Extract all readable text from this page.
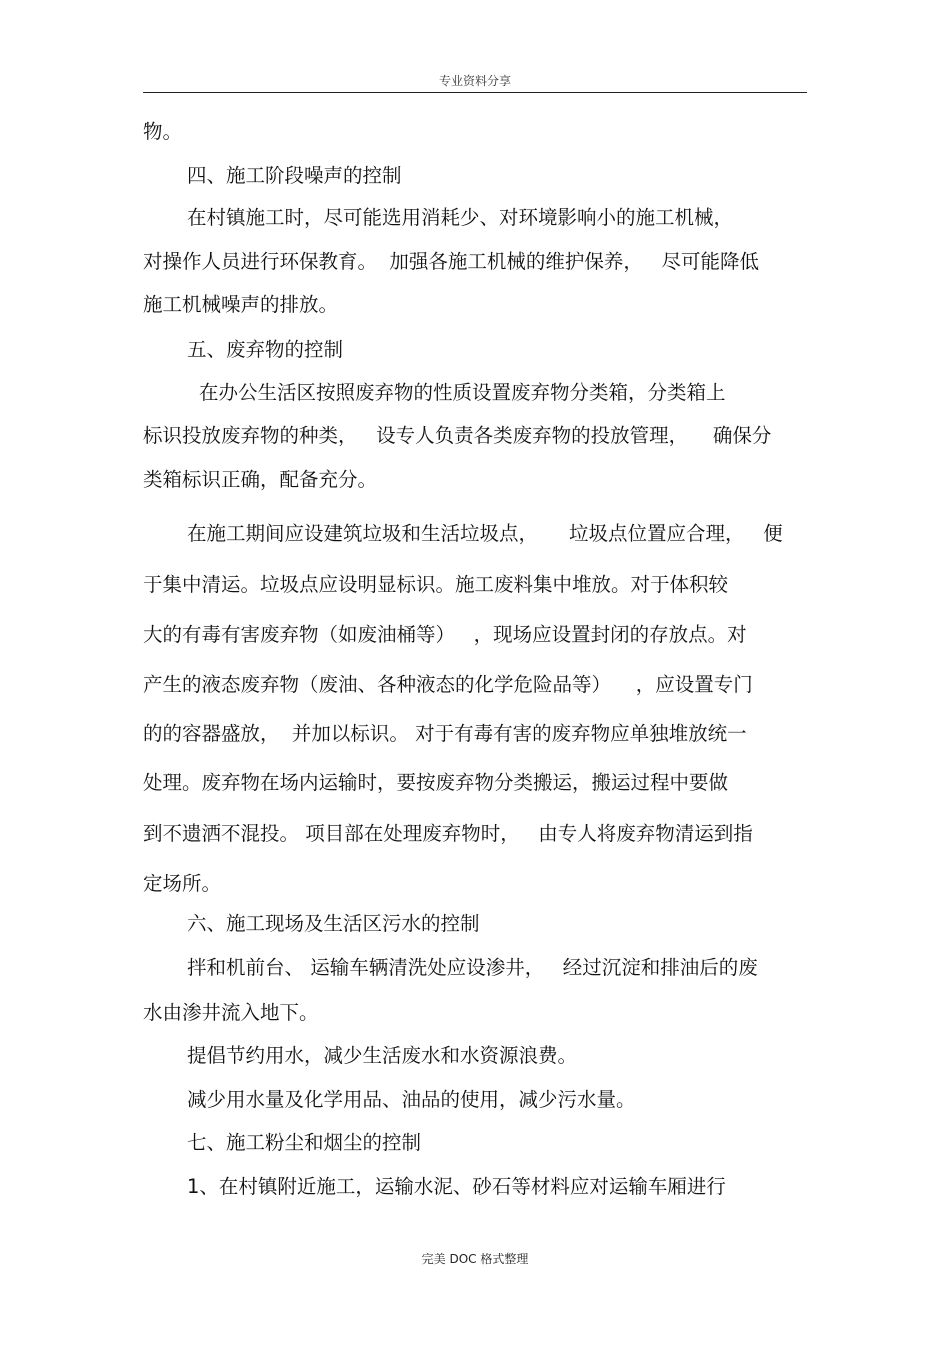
专业资料分享
物。
四、施工阶段噪声的控制
在村镇施工时，尽可能选用消耗少、对环境影响小的施工机械，
对操作人员进行环保教育。  加强各施工机械的维护保养，   尽可能降低
施工机械噪声的排放。
五、废弃物的控制
在办公生活区按照废弃物的性质设置废弃物分类箱，分类箱上
标识投放废弃物的种类，   设专人负责各类废弃物的投放管理，    确保分
类箱标识正确，配备充分。
在施工期间应设建筑垃圾和生活垃圾点，     垃圾点位置应合理，   便
于集中清运。垃圾点应设明显标识。施工废料集中堆放。对于体积较
大的有毒有害废弃物（如废油桶等）   ，现场应设置封闭的存放点。对
产生的液态废弃物（废油、各种液态的化学危险品等）    ，应设置专门
的的容器盛放，  并加以标识。 对于有毒有害的废弃物应单独堆放统一
处理。废弃物在场内运输时，要按废弃物分类搬运，搬运过程中要做
到不遗洒不混投。 项目部在处理废弃物时，   由专人将废弃物清运到指
定场所。
六、施工现场及生活区污水的控制
拌和机前台、 运输车辆清洗处应设渗井，   经过沉淀和排油后的废
水由渗井流入地下。
提倡节约用水，减少生活废水和水资源浪费。
减少用水量及化学用品、油品的使用，减少污水量。
七、施工粉尘和烟尘的控制
1、在村镇附近施工，运输水泥、砂石等材料应对运输车厢进行
完美 DOC 格式整理
